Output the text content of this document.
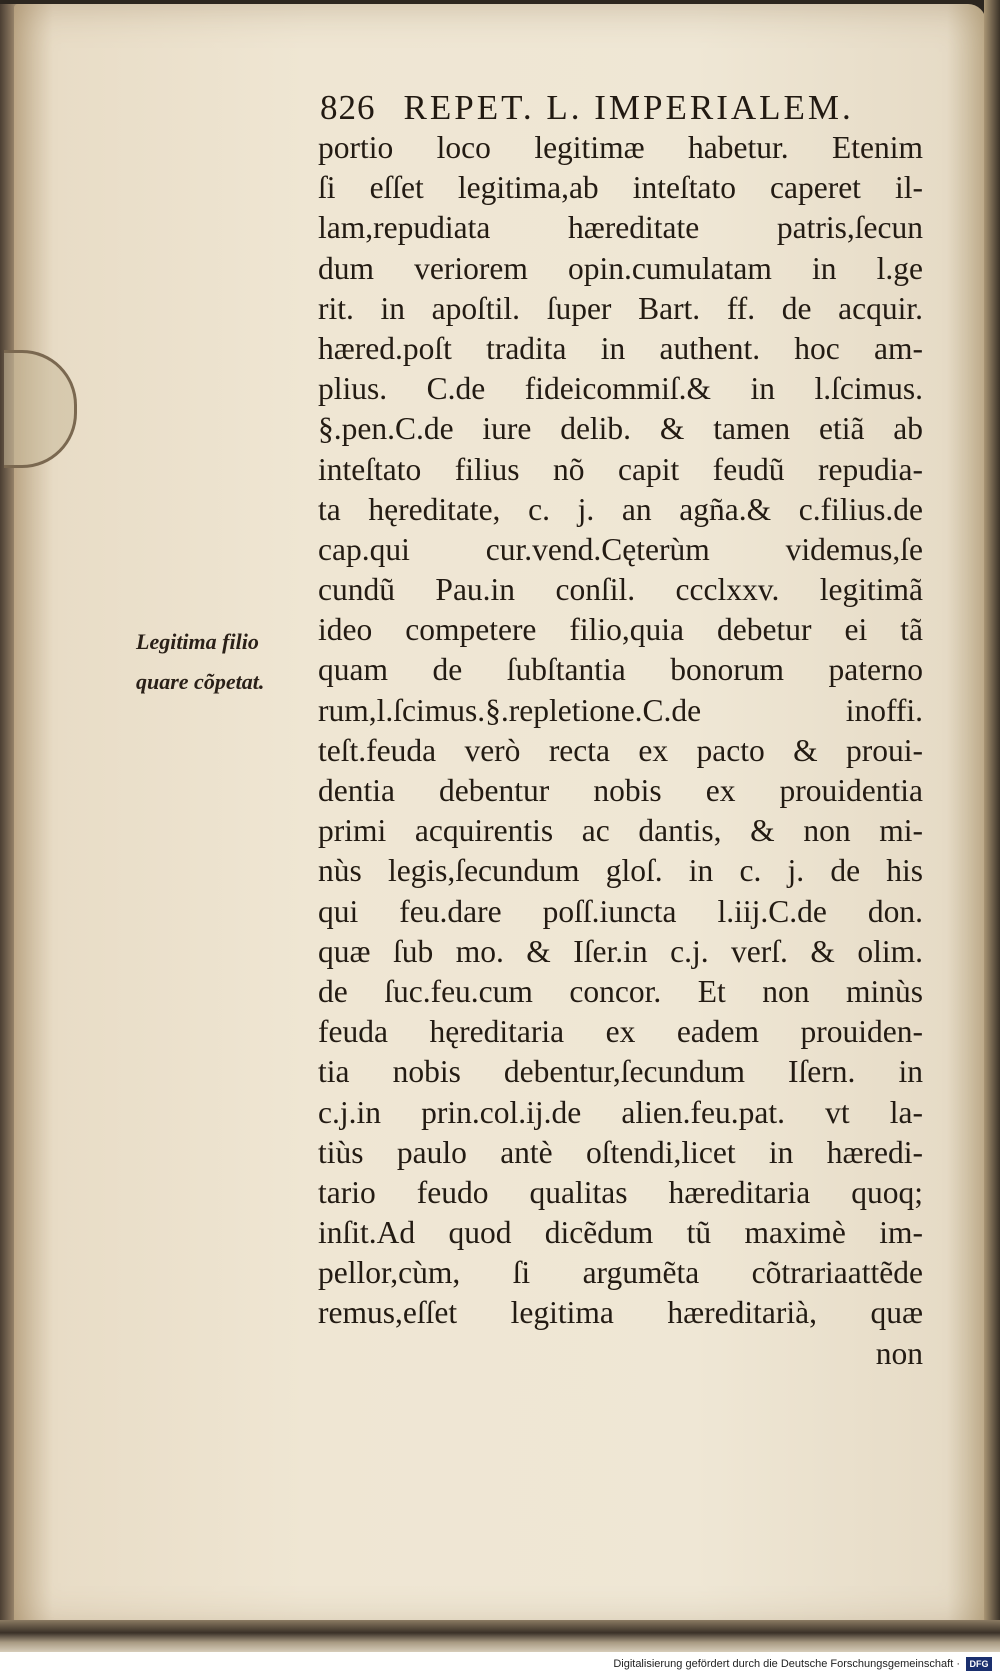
826 REPET. L. IMPERIALEM.
Legitima filio
quare cõpetat.
portio loco legitimæ habetur. Etenim
ſi eſſet legitima,ab inteſtato caperet il-
lam,repudiata hæreditate patris,ſecun
dum veriorem opin.cumulatam in l.ge
rit. in apoſtil. ſuper Bart. ff. de acquir.
hæred.poſt tradita in authent. hoc am-
plius. C.de fideicommiſ.& in l.ſcimus.
§.pen.C.de iure delib. & tamen etiã ab
inteſtato filius nõ capit feudũ repudia-
ta hęreditate, c. j. an agña.& c.filius.de
cap.qui cur.vend.Cęterùm videmus,ſe
cundũ Pau.in conſil. ccclxxv. legitimã
ideo competere filio,quia debetur ei tã
quam de ſubſtantia bonorum paterno
rum,l.ſcimus.§.repletione.C.de inoffi.
teſt.feuda verò recta ex pacto & proui-
dentia debentur nobis ex prouidentia
primi acquirentis ac dantis, & non mi-
nùs legis,ſecundum gloſ. in c. j. de his
qui feu.dare poſſ.iuncta l.iij.C.de don.
quæ ſub mo. & Iſer.in c.j. verſ. & olim.
de ſuc.feu.cum concor. Et non minùs
feuda hęreditaria ex eadem prouiden-
tia nobis debentur,ſecundum Iſern. in
c.j.in prin.col.ij.de alien.feu.pat. vt la-
tiùs paulo antè oſtendi,licet in hæredi-
tario feudo qualitas hæreditaria quoq;
inſit.Ad quod dicẽdum tũ maximè im-
pellor,cùm, ſi argumẽta cõtrariaattẽde
remus,eſſet legitima hæreditarià, quæ
non
Digitalisierung gefördert durch die Deutsche Forschungsgemeinschaft ·	DFG
